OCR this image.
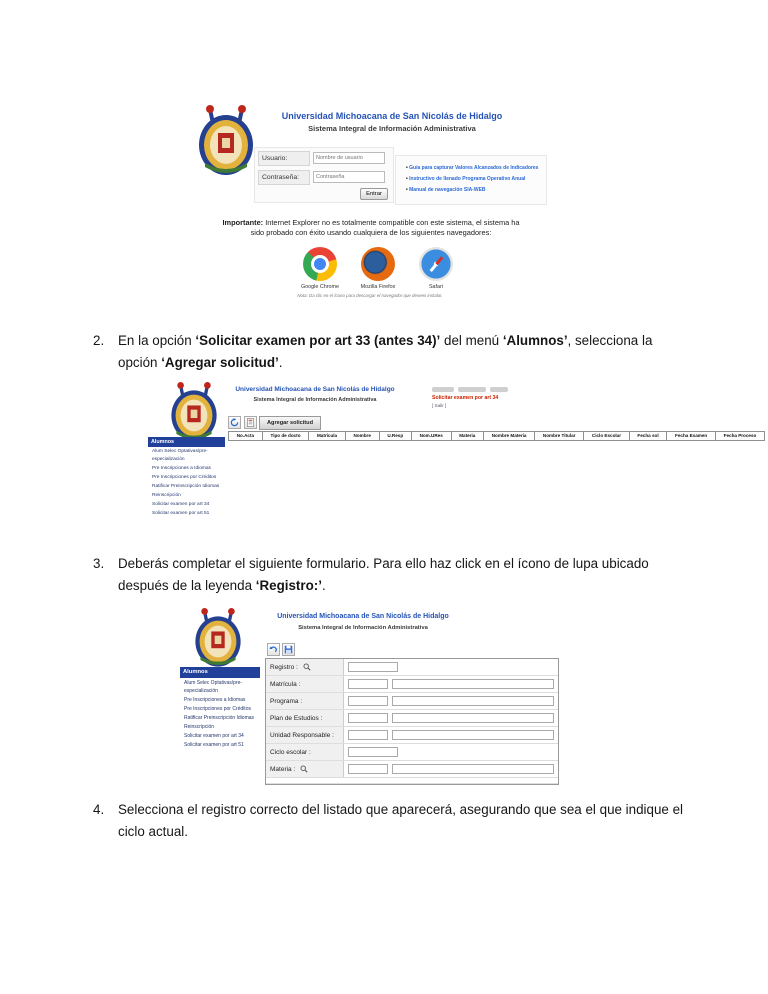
Universidad Michoacana de San Nicolás de Hidalgo
Sistema Integral de Información Administrativa
Usuario:
Nombre de usuario
Contraseña:
Contraseña
Entrar
• Guía para capturar Valores Alcanzados de Indicadores
• Instructivo de llenado Programa Operativo Anual
• Manual de navegación SIA-WEB
Importante: Internet Explorer no es totalmente compatible con este sistema, el sistema ha sido probado con éxito usando cualquiera de los siguientes navegadores:
Google Chrome	Mozilla Firefox	Safari
Nota: Da clic en el ícono para descargar el navegador que desees instalar.

2. En la opción ‘Solicitar examen por art 33 (antes 34)’ del menú ‘Alumnos’, selecciona la opción ‘Agregar solicitud’.

Universidad Michoacana de San Nicolás de Hidalgo
Sistema Integral de Información Administrativa	Solicitar examen por art 34
[ Salir ]
Agregar solicitud
No.Acta	Tipo de docto	Matrícula	Nombre	U.Resp	Nom.URes	Materia	Nombre Materia	Nombre Titular	Ciclo Escolar	Fecha sol	Fecha Examen	Fecha Proceso
Alumnos
Alum Selec Optativas/pre-especialización
Pre Inscripciones a Idiomas
Pre Inscripciones por Créditos
Ratificar Preinscripción Idiomas
Reinscripción
Solicitar examen por art 34
Solicitar examen por art 51

3. Deberás completar el siguiente formulario. Para ello haz click en el ícono de lupa ubicado después de la leyenda ‘Registro:’.

Universidad Michoacana de San Nicolás de Hidalgo
Sistema Integral de Información Administrativa
Registro :
Matrícula :
Programa :
Plan de Estudios :
Unidad Responsable :
Ciclo escolar :
Materia :
Alumnos
Alum Selec Optativas/pre-especialización
Pre Inscripciones a Idiomas
Pre Inscripciones por Créditos
Ratificar Preinscripción Idiomas
Reinscripción
Solicitar examen por art 34
Solicitar examen por art 51

4. Selecciona el registro correcto del listado que aparecerá, asegurando que sea el que indique el ciclo actual.
